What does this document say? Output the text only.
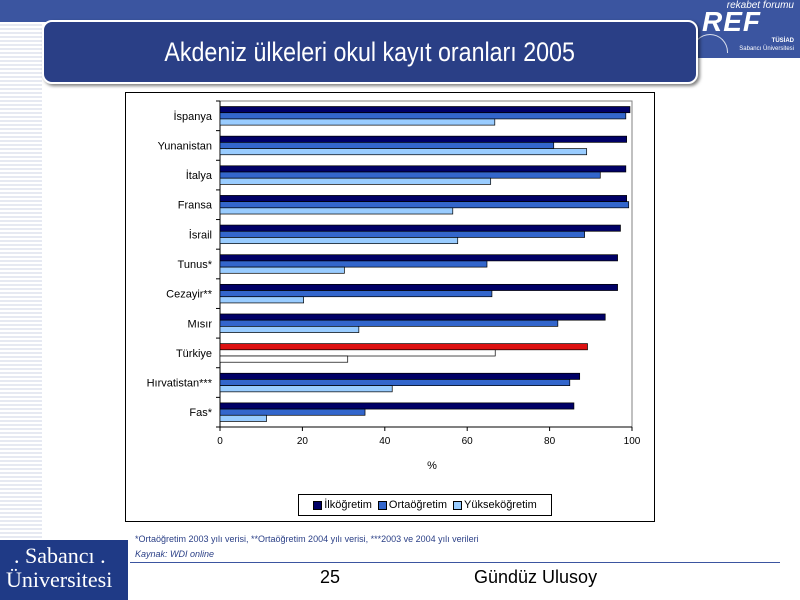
rekabet forumu
REF
TÜSİAD
Sabancı Üniversitesi
Akdeniz ülkeleri okul kayıt oranları 2005
0	20	40	60	80	100
%
İspanya
Yunanistan
İtalya
Fransa
İsrail
Tunus*
Cezayir**
Mısır
Türkiye
Hırvatistan***
Fas*
İlköğretim Ortaöğretim Yükseköğretim
*Ortaöğretim 2003 yılı verisi, **Ortaöğretim 2004 yılı verisi, ***2003 ve 2004 yılı verileri
Kaynak: WDI online
25	Gündüz Ulusoy
. Sabancı .
Üniversitesi
